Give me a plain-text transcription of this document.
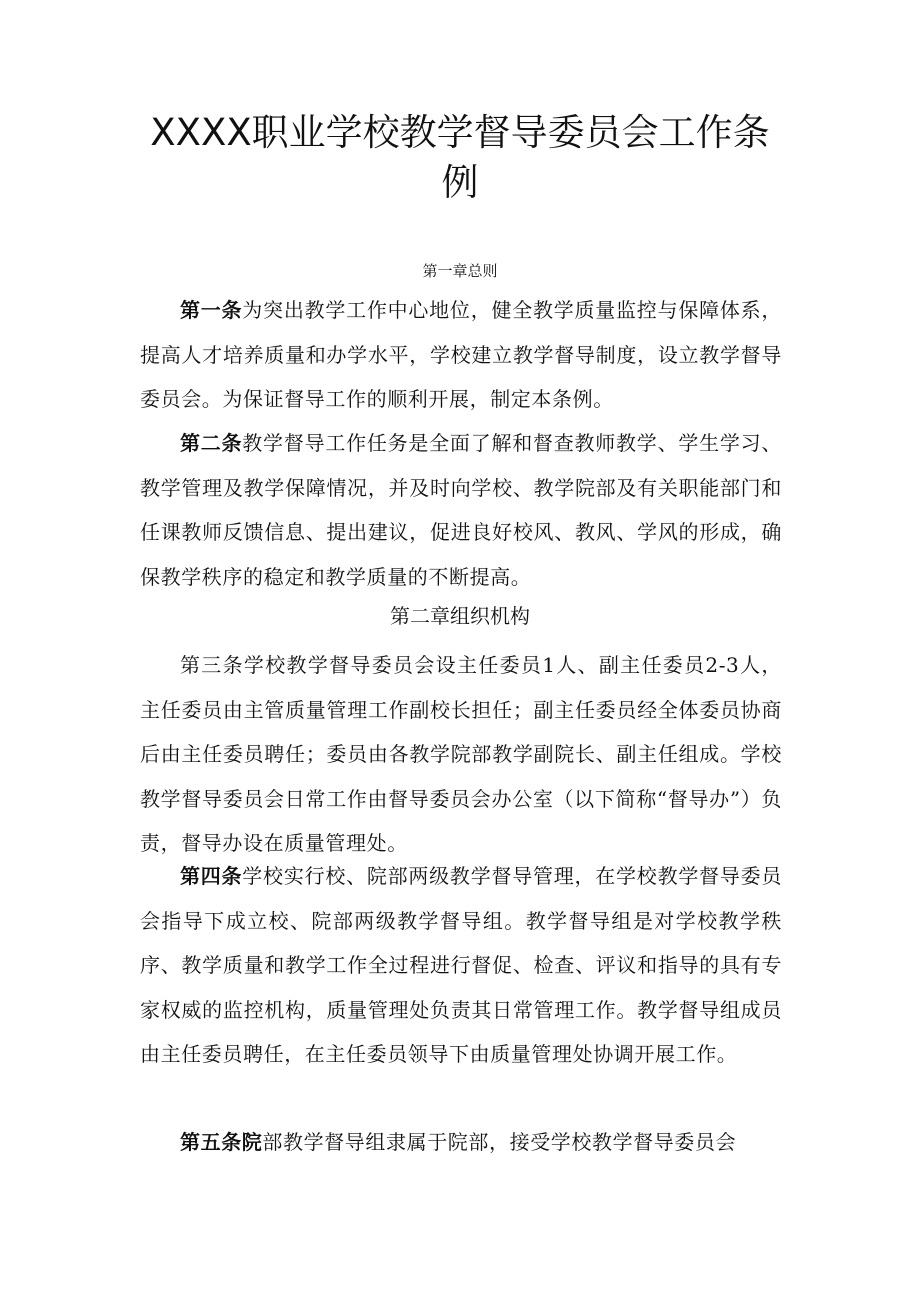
XXXX职业学校教学督导委员会工作条例
第一章总则

第一条为突出教学工作中心地位，健全教学质量监控与保障体系，提高人才培养质量和办学水平，学校建立教学督导制度，设立教学督导委员会。为保证督导工作的顺利开展，制定本条例。

第二条教学督导工作任务是全面了解和督查教师教学、学生学习、教学管理及教学保障情况，并及时向学校、教学院部及有关职能部门和任课教师反馈信息、提出建议，促进良好校风、教风、学风的形成，确保教学秩序的稳定和教学质量的不断提高。

第二章组织机构

第三条学校教学督导委员会设主任委员1人、副主任委员2-3人，主任委员由主管质量管理工作副校长担任；副主任委员经全体委员协商后由主任委员聘任；委员由各教学院部教学副院长、副主任组成。学校教学督导委员会日常工作由督导委员会办公室（以下简称“督导办”）负责，督导办设在质量管理处。

第四条学校实行校、院部两级教学督导管理，在学校教学督导委员会指导下成立校、院部两级教学督导组。教学督导组是对学校教学秩序、教学质量和教学工作全过程进行督促、检查、评议和指导的具有专家权威的监控机构，质量管理处负责其日常管理工作。教学督导组成员由主任委员聘任，在主任委员领导下由质量管理处协调开展工作。

第五条院部教学督导组隶属于院部，接受学校教学督导委员会
